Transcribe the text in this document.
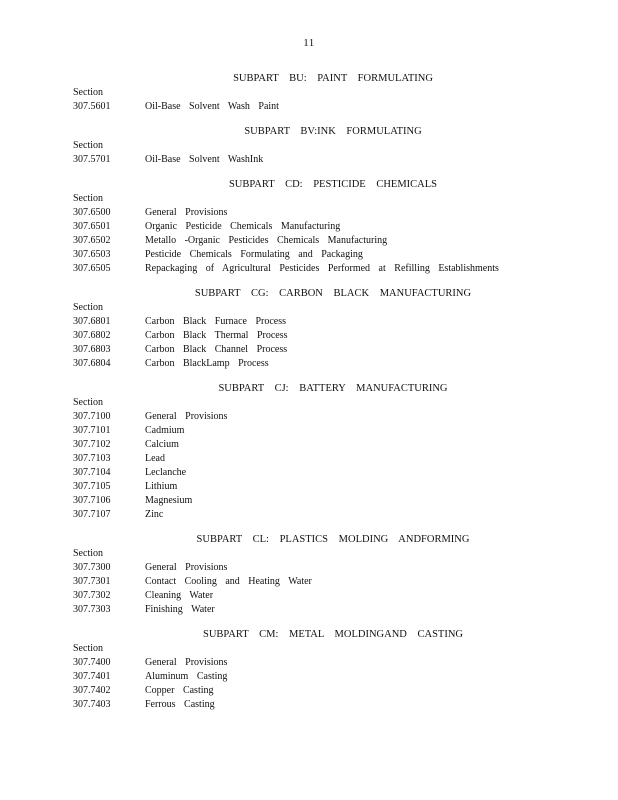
11
SUBPART BU: PAINT FORMULATING
Section
307.5601	Oil-Base Solvent Wash Paint
SUBPART BV:INK FORMULATING
Section
307.5701	Oil-Base Solvent WashInk
SUBPART CD: PESTICIDE CHEMICALS
Section
307.6500	General Provisions
307.6501	Organic Pesticide Chemicals Manufacturing
307.6502	Metallo -Organic Pesticides Chemicals Manufacturing
307.6503	Pesticide Chemicals Formulating and Packaging
307.6505	Repackaging of Agricultural Pesticides Performed at Refilling Establishments
SUBPART CG: CARBON BLACK MANUFACTURING
Section
307.6801	Carbon Black Furnace Process
307.6802	Carbon Black Thermal Process
307.6803	Carbon Black Channel Process
307.6804	Carbon BlackLamp Process
SUBPART CJ: BATTERY MANUFACTURING
Section
307.7100	General Provisions
307.7101	Cadmium
307.7102	Calcium
307.7103	Lead
307.7104	Leclanche
307.7105	Lithium
307.7106	Magnesium
307.7107	Zinc
SUBPART CL: PLASTICS MOLDING ANDFORMING
Section
307.7300	General Provisions
307.7301	Contact Cooling and Heating Water
307.7302	Cleaning Water
307.7303	Finishing Water
SUBPART CM: METAL MOLDINGAND CASTING
Section
307.7400	General Provisions
307.7401	Aluminum Casting
307.7402	Copper Casting
307.7403	Ferrous Casting
